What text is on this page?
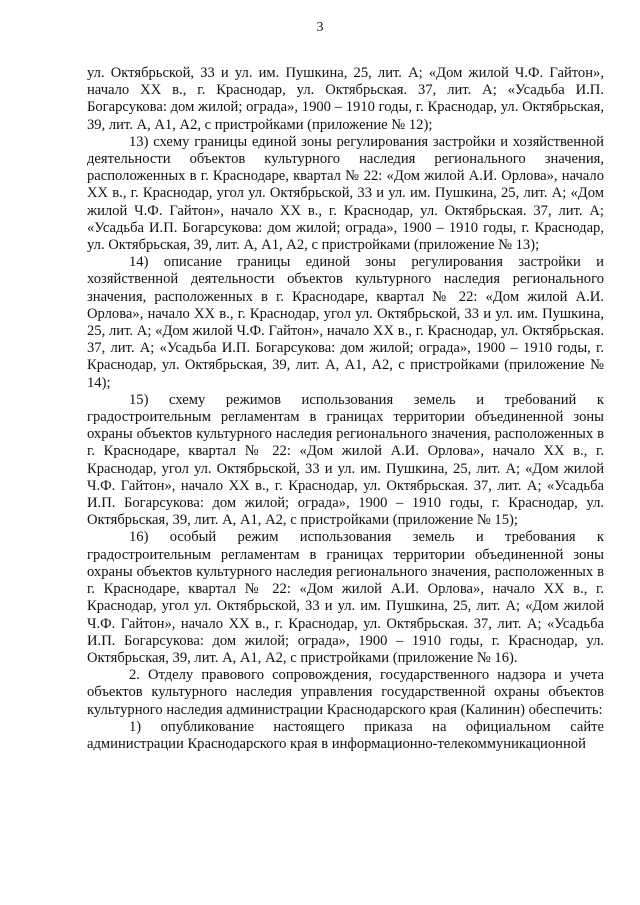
3

ул. Октябрьской, 33 и ул. им. Пушкина, 25, лит. А; «Дом жилой Ч.Ф. Гайтон», начало XX в., г. Краснодар, ул. Октябрьская. 37, лит. А; «Усадьба И.П. Богарсукова: дом жилой; ограда», 1900 – 1910 годы, г. Краснодар, ул. Октябрьская, 39, лит. А, А1, А2, с пристройками (приложение № 12);

13) схему границы единой зоны регулирования застройки и хозяйственной деятельности объектов культурного наследия регионального значения, расположенных в г. Краснодаре, квартал № 22: «Дом жилой А.И. Орлова», начало XX в., г. Краснодар, угол ул. Октябрьской, 33 и ул. им. Пушкина, 25, лит. А; «Дом жилой Ч.Ф. Гайтон», начало XX в., г. Краснодар, ул. Октябрьская. 37, лит. А; «Усадьба И.П. Богарсукова: дом жилой; ограда», 1900 – 1910 годы, г. Краснодар, ул. Октябрьская, 39, лит. А, А1, А2, с пристройками (приложение № 13);

14) описание границы единой зоны регулирования застройки и хозяйственной деятельности объектов культурного наследия регионального значения, расположенных в г. Краснодаре, квартал № 22: «Дом жилой А.И. Орлова», начало XX в., г. Краснодар, угол ул. Октябрьской, 33 и ул. им. Пушкина, 25, лит. А; «Дом жилой Ч.Ф. Гайтон», начало XX в., г. Краснодар, ул. Октябрьская. 37, лит. А; «Усадьба И.П. Богарсукова: дом жилой; ограда», 1900 – 1910 годы, г. Краснодар, ул. Октябрьская, 39, лит. А, А1, А2, с пристройками (приложение № 14);

15) схему режимов использования земель и требований к градостроительным регламентам в границах территории объединенной зоны охраны объектов культурного наследия регионального значения, расположенных в г. Краснодаре, квартал № 22: «Дом жилой А.И. Орлова», начало XX в., г. Краснодар, угол ул. Октябрьской, 33 и ул. им. Пушкина, 25, лит. А; «Дом жилой Ч.Ф. Гайтон», начало XX в., г. Краснодар, ул. Октябрьская. 37, лит. А; «Усадьба И.П. Богарсукова: дом жилой; ограда», 1900 – 1910 годы, г. Краснодар, ул. Октябрьская, 39, лит. А, А1, А2, с пристройками (приложение № 15);

16) особый режим использования земель и требования к градостроительным регламентам в границах территории объединенной зоны охраны объектов культурного наследия регионального значения, расположенных в г. Краснодаре, квартал № 22: «Дом жилой А.И. Орлова», начало XX в., г. Краснодар, угол ул. Октябрьской, 33 и ул. им. Пушкина, 25, лит. А; «Дом жилой Ч.Ф. Гайтон», начало XX в., г. Краснодар, ул. Октябрьская. 37, лит. А; «Усадьба И.П. Богарсукова: дом жилой; ограда», 1900 – 1910 годы, г. Краснодар, ул. Октябрьская, 39, лит. А, А1, А2, с пристройками (приложение № 16).

2. Отделу правового сопровождения, государственного надзора и учета объектов культурного наследия управления государственной охраны объектов культурного наследия администрации Краснодарского края (Калинин) обеспечить:

1) опубликование настоящего приказа на официальном сайте администрации Краснодарского края в информационно-телекоммуникационной
